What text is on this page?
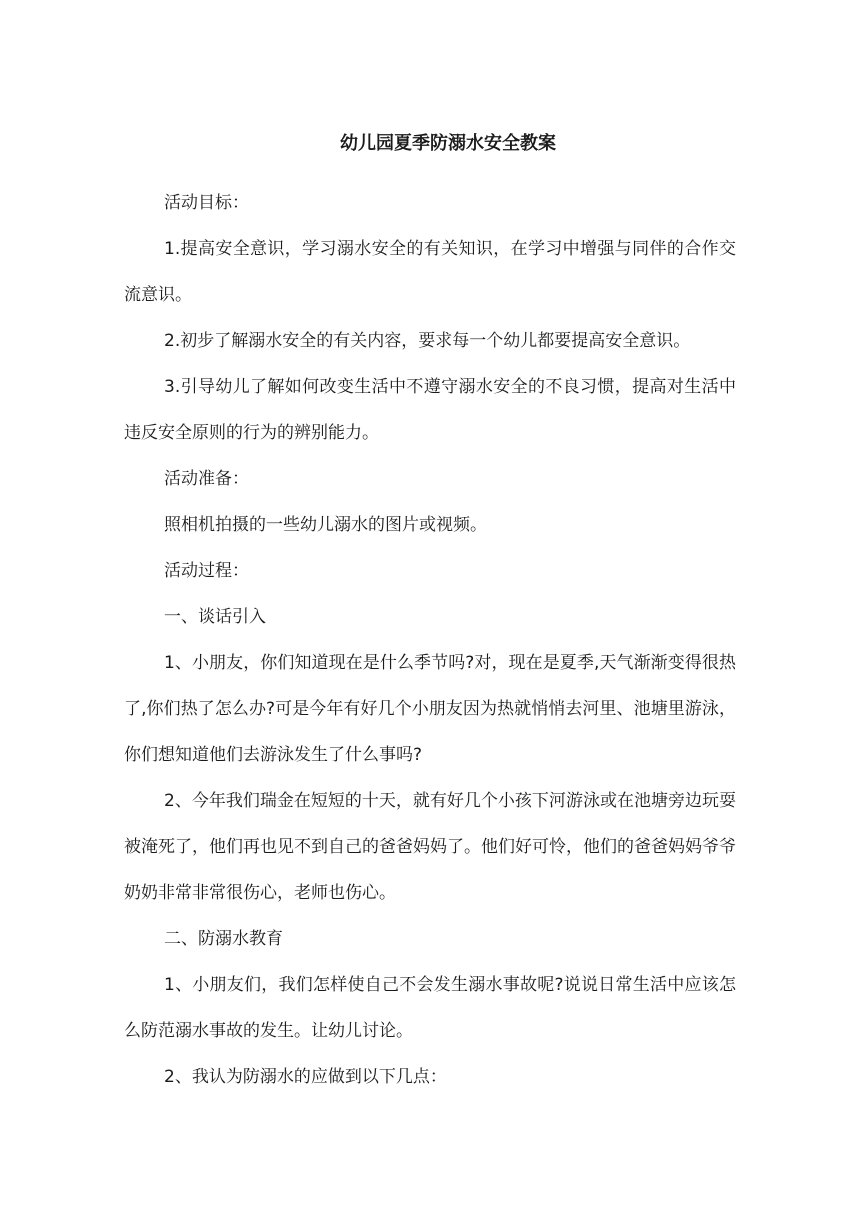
幼儿园夏季防溺水安全教案

活动目标：

1.提高安全意识，学习溺水安全的有关知识，在学习中增强与同伴的合作交流意识。

2.初步了解溺水安全的有关内容，要求每一个幼儿都要提高安全意识。

3.引导幼儿了解如何改变生活中不遵守溺水安全的不良习惯，提高对生活中违反安全原则的行为的辨别能力。

活动准备：

照相机拍摄的一些幼儿溺水的图片或视频。

活动过程：

一、谈话引入

1、小朋友，你们知道现在是什么季节吗?对，现在是夏季,天气渐渐变得很热了,你们热了怎么办?可是今年有好几个小朋友因为热就悄悄去河里、池塘里游泳，你们想知道他们去游泳发生了什么事吗?

2、今年我们瑞金在短短的十天，就有好几个小孩下河游泳或在池塘旁边玩耍被淹死了，他们再也见不到自己的爸爸妈妈了。他们好可怜，他们的爸爸妈妈爷爷奶奶非常非常很伤心，老师也伤心。

二、防溺水教育

1、小朋友们，我们怎样使自己不会发生溺水事故呢?说说日常生活中应该怎么防范溺水事故的发生。让幼儿讨论。

2、我认为防溺水的应做到以下几点：
